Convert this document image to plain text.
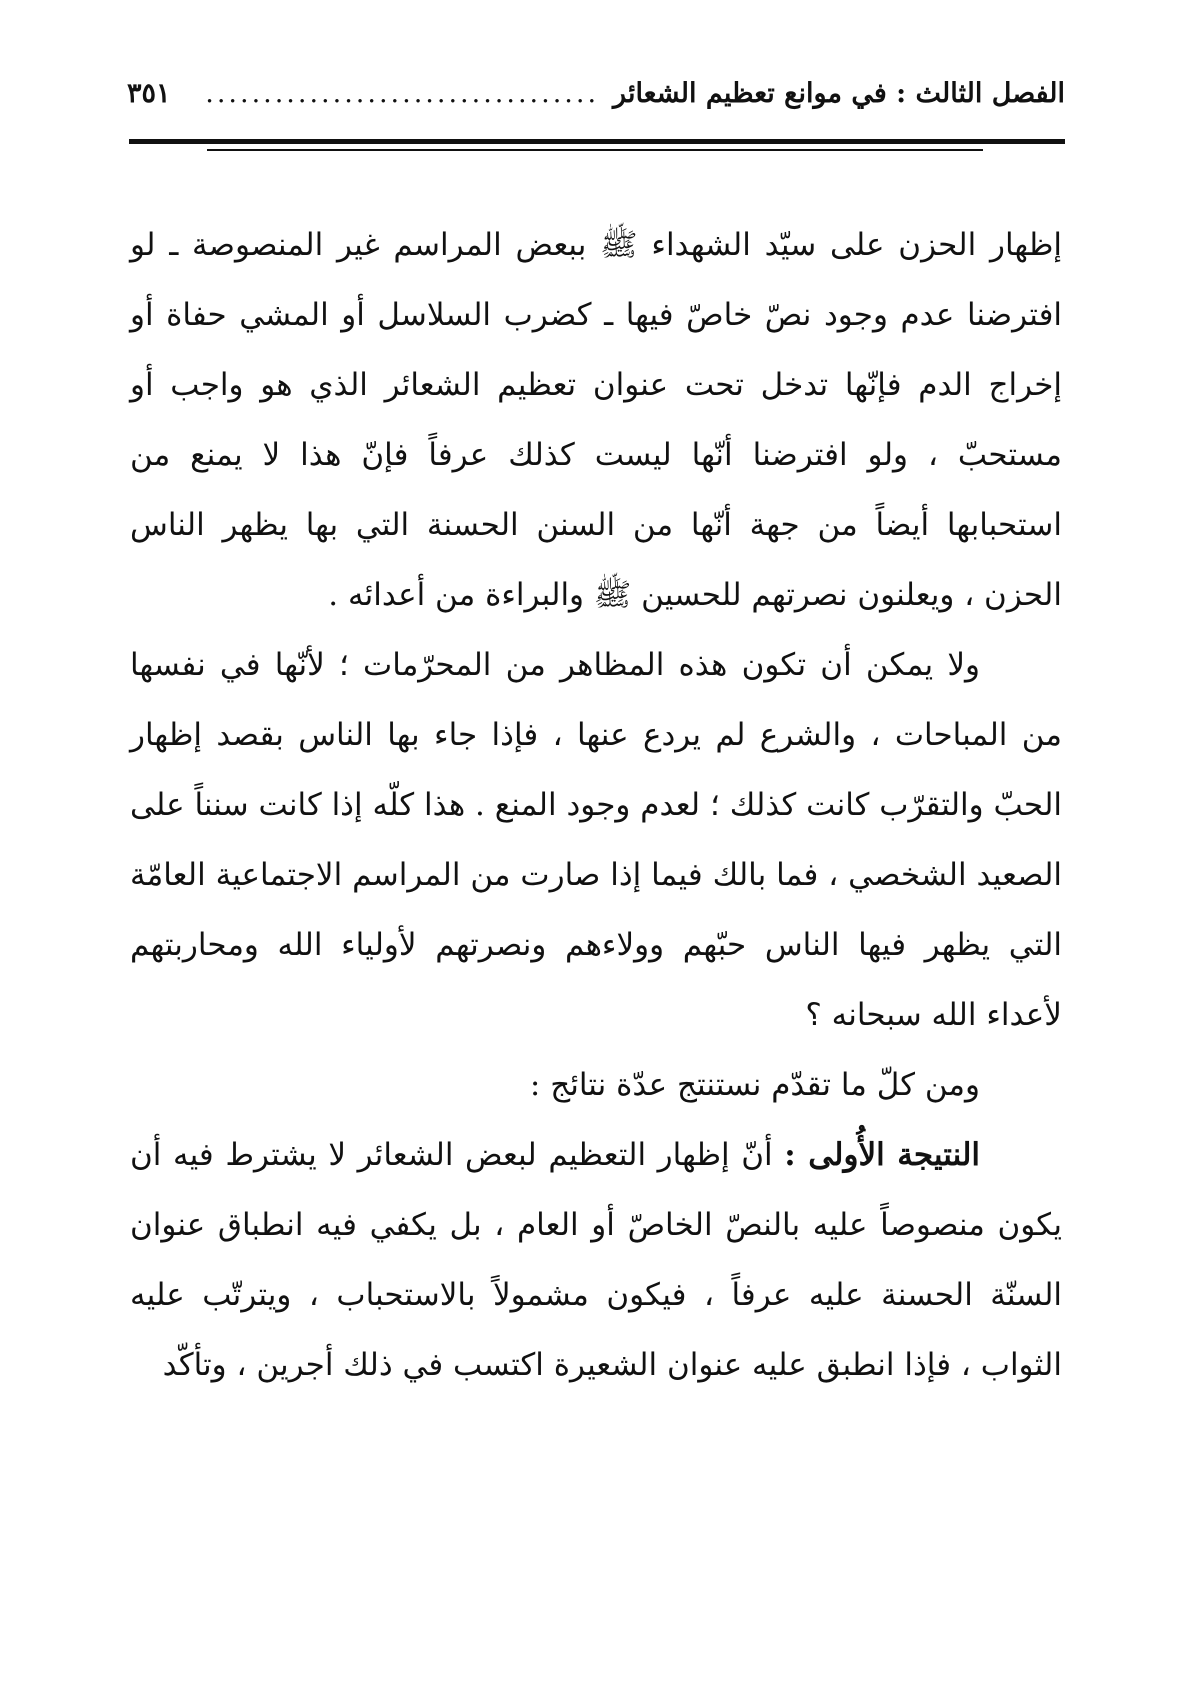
الفصل الثالث : في موانع تعظيم الشعائر
..................................
٣٥١

إظهار الحزن على سيّد الشهداء ﷺ ببعض المراسم غير المنصوصة ـ لو افترضنا عدم وجود نصّ خاصّ فيها ـ كضرب السلاسل أو المشي حفاة أو إخراج الدم فإنّها تدخل تحت عنوان تعظيم الشعائر الذي هو واجب أو مستحبّ ، ولو افترضنا أنّها ليست كذلك عرفاً فإنّ هذا لا يمنع من استحبابها أيضاً من جهة أنّها من السنن الحسنة التي بها يظهر الناس الحزن ، ويعلنون نصرتهم للحسين ﷺ والبراءة من أعدائه .

ولا يمكن أن تكون هذه المظاهر من المحرّمات ؛ لأنّها في نفسها من المباحات ، والشرع لم يردع عنها ، فإذا جاء بها الناس بقصد إظهار الحبّ والتقرّب كانت كذلك ؛ لعدم وجود المنع . هذا كلّه إذا كانت سنناً على الصعيد الشخصي ، فما بالك فيما إذا صارت من المراسم الاجتماعية العامّة التي يظهر فيها الناس حبّهم وولاءهم ونصرتهم لأولياء الله ومحاربتهم لأعداء الله سبحانه ؟

ومن كلّ ما تقدّم نستنتج عدّة نتائج :

النتيجة الأُولى : أنّ إظهار التعظيم لبعض الشعائر لا يشترط فيه أن يكون منصوصاً عليه بالنصّ الخاصّ أو العام ، بل يكفي فيه انطباق عنوان السنّة الحسنة عليه عرفاً ، فيكون مشمولاً بالاستحباب ، ويترتّب عليه الثواب ، فإذا انطبق عليه عنوان الشعيرة اكتسب في ذلك أجرين ، وتأكّد
